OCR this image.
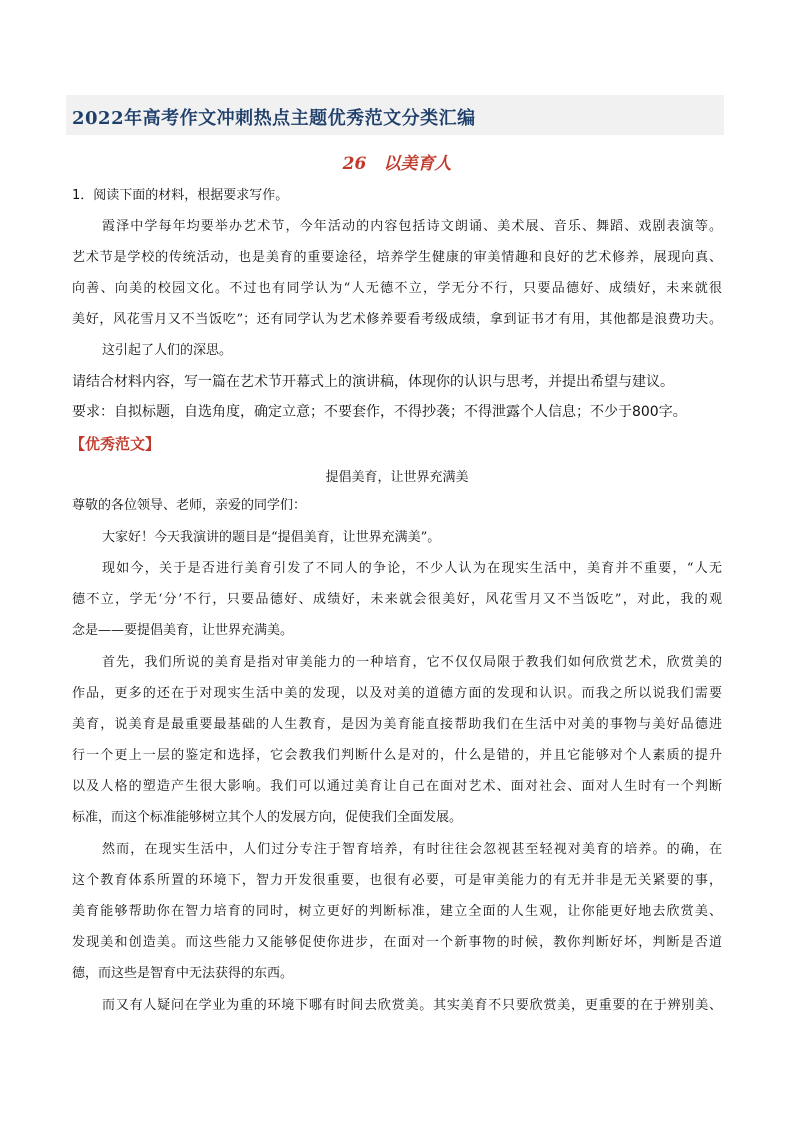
2022年高考作文冲刺热点主题优秀范文分类汇编
26　以美育人
1．阅读下面的材料，根据要求写作。
霞泽中学每年均要举办艺术节，今年活动的内容包括诗文朗诵、美术展、音乐、舞蹈、戏剧表演等。
艺术节是学校的传统活动，也是美育的重要途径，培养学生健康的审美情趣和良好的艺术修养，展现向真、
向善、向美的校园文化。不过也有同学认为“人无德不立，学无分不行，只要品德好、成绩好，未来就很
美好，风花雪月又不当饭吃”；还有同学认为艺术修养要看考级成绩，拿到证书才有用，其他都是浪费功夫。
这引起了人们的深思。
请结合材料内容，写一篇在艺术节开幕式上的演讲稿，体现你的认识与思考，并提出希望与建议。
要求：自拟标题，自选角度，确定立意；不要套作，不得抄袭；不得泄露个人信息；不少于800字。
【优秀范文】
提倡美育，让世界充满美
尊敬的各位领导、老师，亲爱的同学们：
大家好！今天我演讲的题目是“提倡美育，让世界充满美”。
现如今，关于是否进行美育引发了不同人的争论，不少人认为在现实生活中，美育并不重要，“人无
德不立，学无‘分’不行，只要品德好、成绩好，未来就会很美好，风花雪月又不当饭吃”，对此，我的观
念是——要提倡美育，让世界充满美。
首先，我们所说的美育是指对审美能力的一种培育，它不仅仅局限于教我们如何欣赏艺术，欣赏美的
作品，更多的还在于对现实生活中美的发现，以及对美的道德方面的发现和认识。而我之所以说我们需要
美育，说美育是最重要最基础的人生教育，是因为美育能直接帮助我们在生活中对美的事物与美好品德进
行一个更上一层的鉴定和选择，它会教我们判断什么是对的，什么是错的，并且它能够对个人素质的提升
以及人格的塑造产生很大影响。我们可以通过美育让自己在面对艺术、面对社会、面对人生时有一个判断
标准，而这个标准能够树立其个人的发展方向，促使我们全面发展。
然而，在现实生活中，人们过分专注于智育培养，有时往往会忽视甚至轻视对美育的培养。的确，在
这个教育体系所置的环境下，智力开发很重要，也很有必要，可是审美能力的有无并非是无关紧要的事，
美育能够帮助你在智力培育的同时，树立更好的判断标准，建立全面的人生观，让你能更好地去欣赏美、
发现美和创造美。而这些能力又能够促使你进步，在面对一个新事物的时候，教你判断好坏，判断是否道
德，而这些是智育中无法获得的东西。
而又有人疑问在学业为重的环境下哪有时间去欣赏美。其实美育不只要欣赏美，更重要的在于辨别美、
